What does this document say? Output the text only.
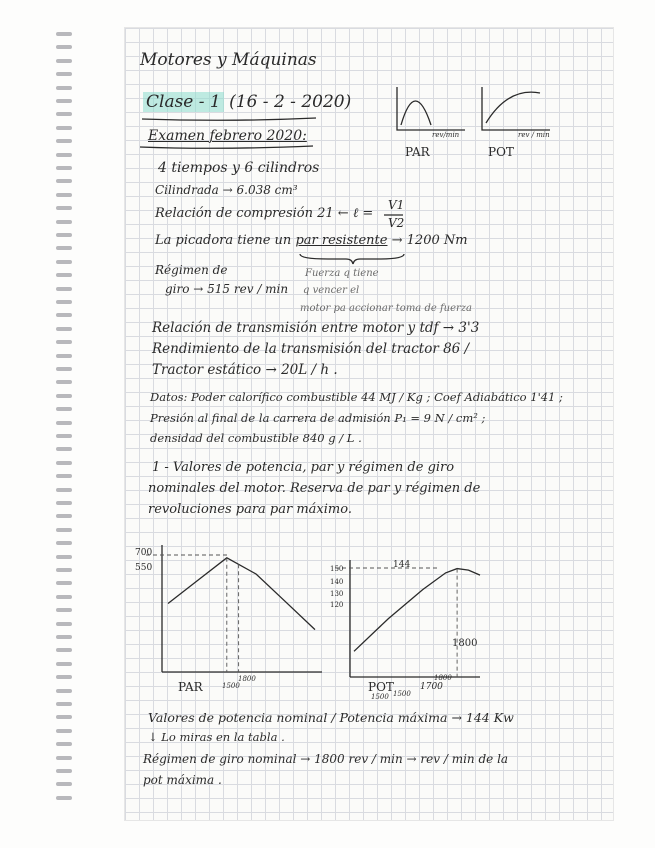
Motores y Máquinas
Clase - 1 (16 - 2 - 2020)
Examen febrero 2020:	rev/min
PAR
rev / min
POT
4 tiempos y 6 cilindros
Cilindrada → 6.038 cm³
Relación de compresión 21 ← ℓ =
V1
V2
La picadora tiene un par resistente → 1200 Nm
Fuerza q tiene
q vencer el
motor pa accionar toma de fuerza
Régimen de
giro → 515 rev / min
Relación de transmisión entre motor y tdf → 3'3
Rendimiento de la transmisión del tractor 86 /
Tractor estático → 20L / h .
Datos: Poder calorífico combustible 44 MJ / Kg ; Coef Adiabático 1'41 ;
Presión al final de la carrera de admisión P₁ = 9 N / cm² ;
densidad del combustible 840 g / L .
1 - Valores de potencia, par y régimen de giro
nominales del motor. Reserva de par y régimen de
revoluciones para par máximo.
700
550
PAR	1500
1800
144
150
140
130
120
1800
POT
1500 1500
1700
1800
Valores de potencia nominal / Potencia máxima → 144 Kw
↓ Lo miras en la tabla .
Régimen de giro nominal → 1800 rev / min → rev / min de la
pot máxima .
